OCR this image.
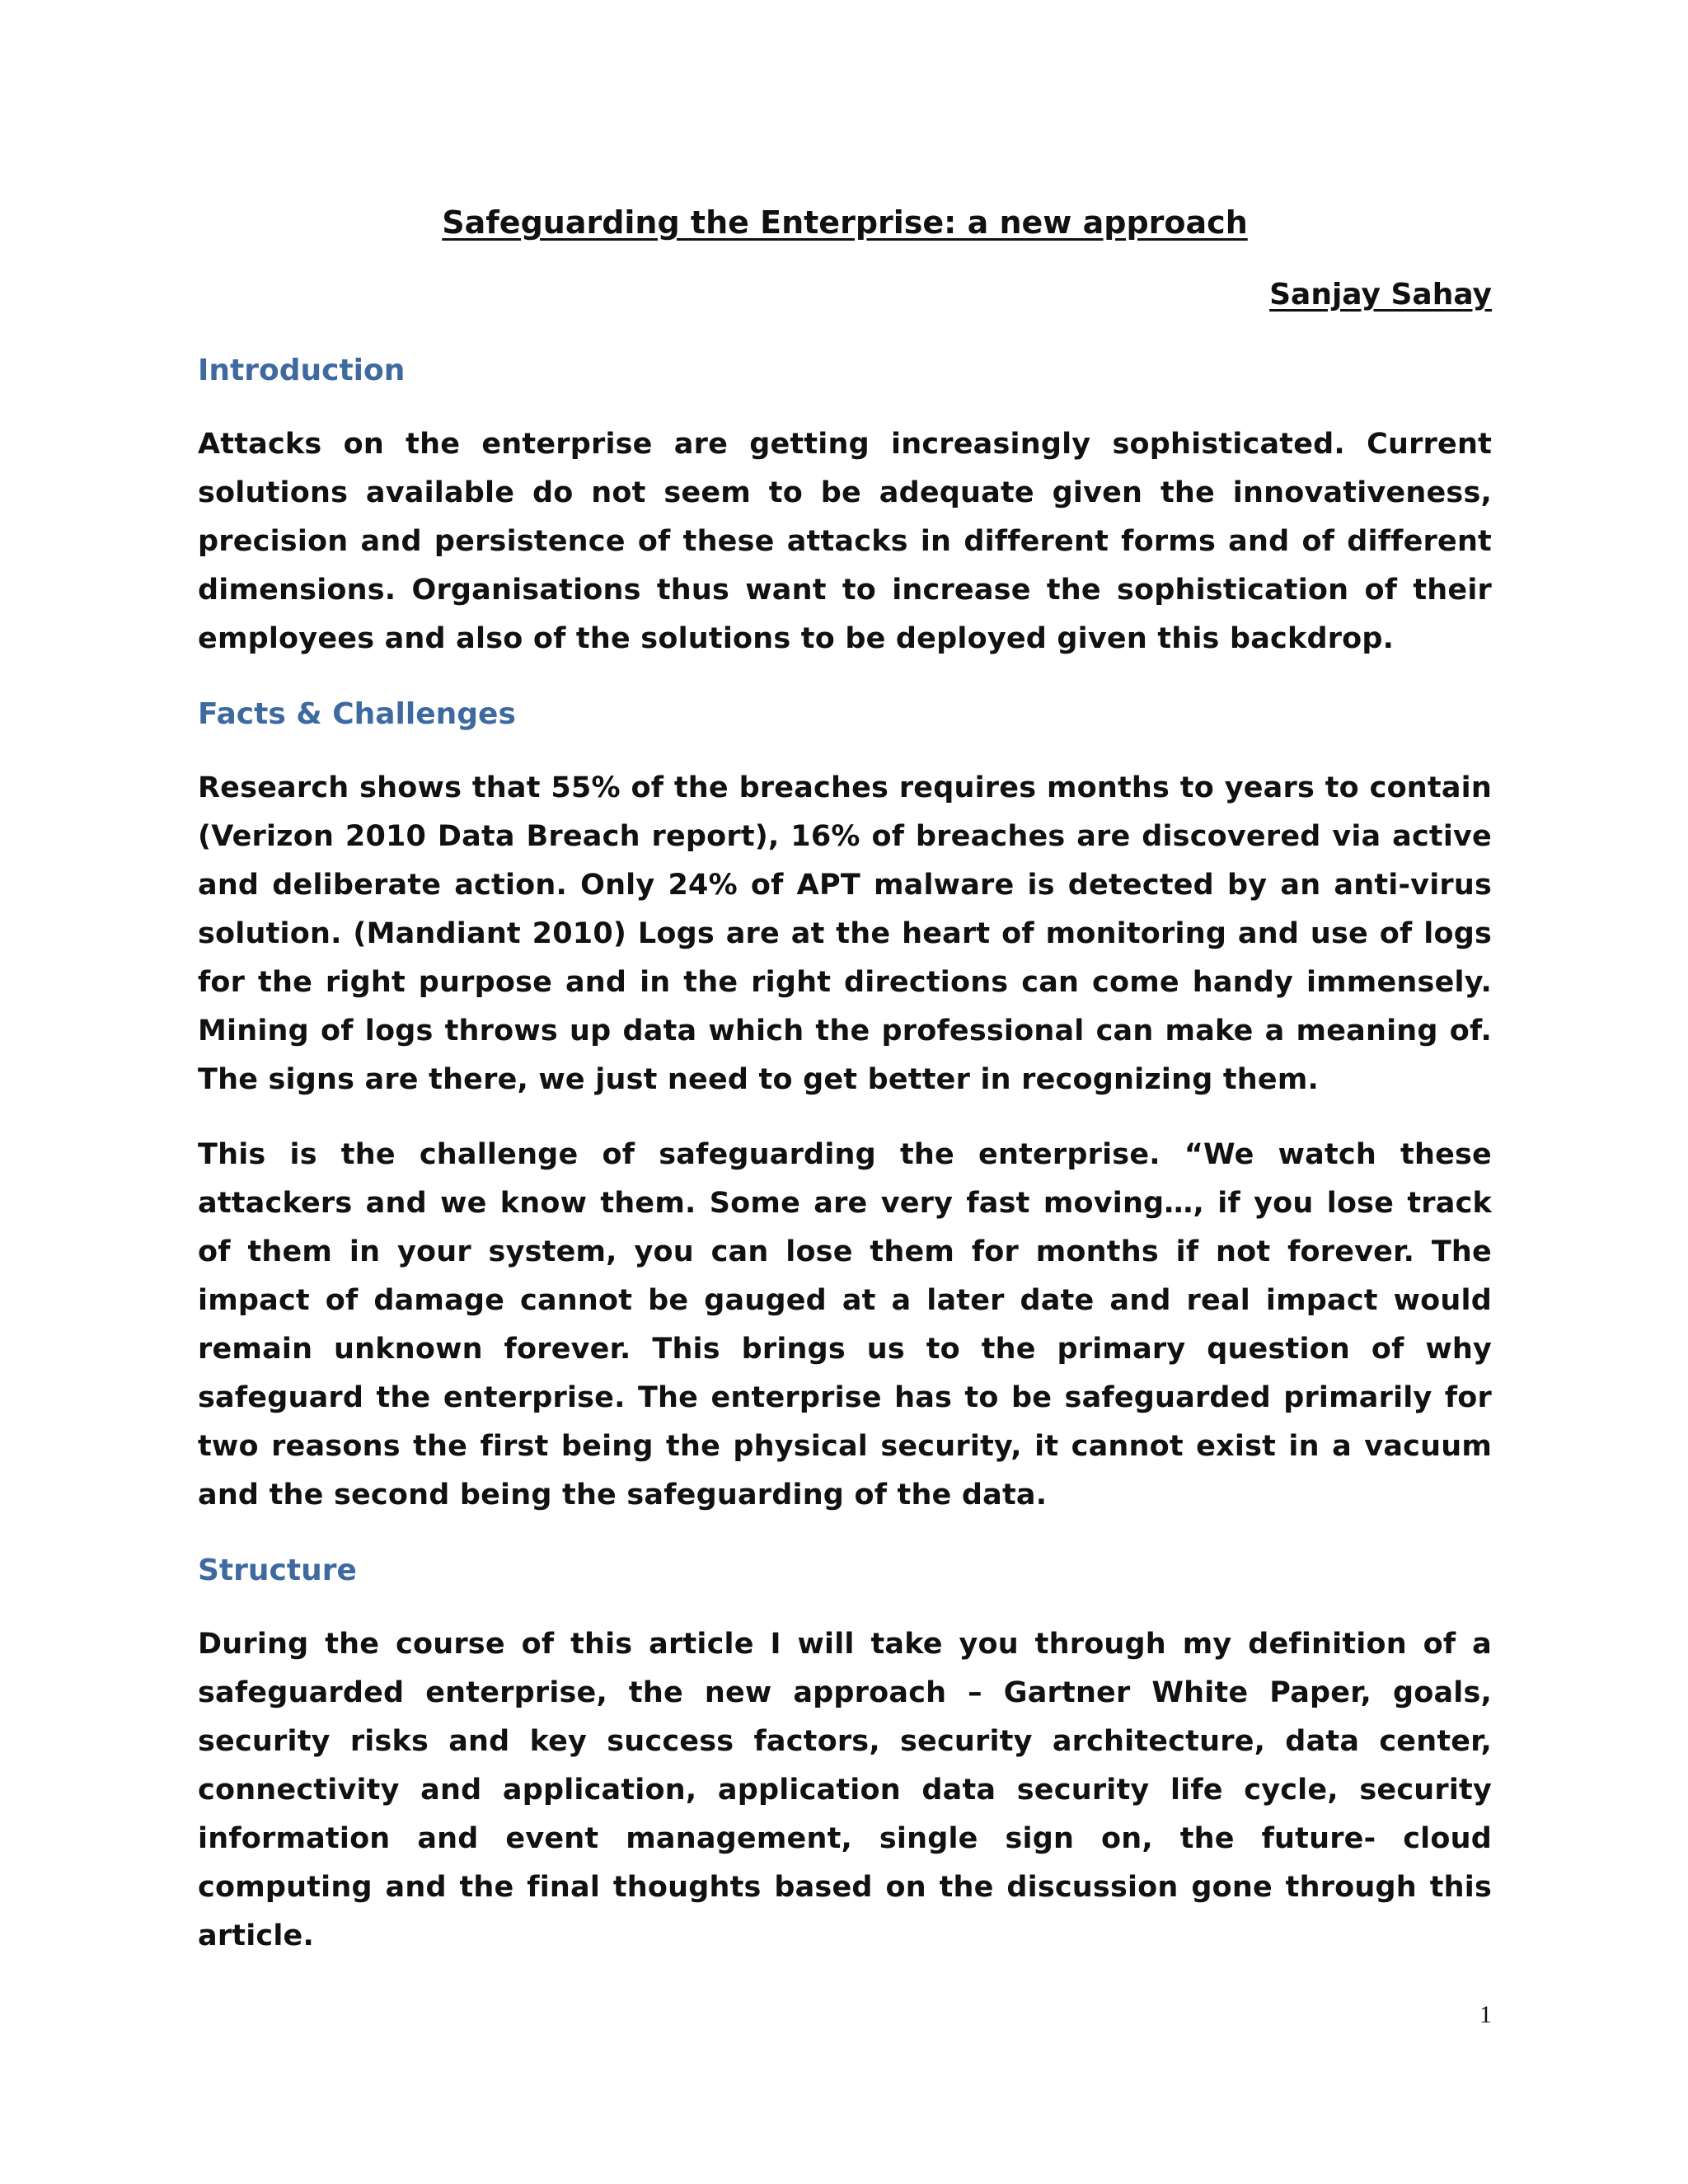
Safeguarding the Enterprise: a new approach
Sanjay Sahay
Introduction

Attacks on the enterprise are getting increasingly sophisticated. Current solutions available do not seem to be adequate given the innovativeness, precision and persistence of these attacks in different forms and of different dimensions. Organisations thus want to increase the sophistication of their employees and also of the solutions to be deployed given this backdrop.

Facts & Challenges

Research shows that 55% of the breaches requires months to years to contain (Verizon 2010 Data Breach report), 16% of breaches are discovered via active and deliberate action. Only 24% of APT malware is detected by an anti-virus solution. (Mandiant 2010) Logs are at the heart of monitoring and use of logs for the right purpose and in the right directions can come handy immensely. Mining of logs throws up data which the professional can make a meaning of. The signs are there, we just need to get better in recognizing them.

This is the challenge of safeguarding the enterprise. “We watch these attackers and we know them. Some are very fast moving…, if you lose track of them in your system, you can lose them for months if not forever. The impact of damage cannot be gauged at a later date and real impact would remain unknown forever. This brings us to the primary question of why safeguard the enterprise. The enterprise has to be safeguarded primarily for two reasons the first being the physical security, it cannot exist in a vacuum and the second being the safeguarding of the data.

Structure

During the course of this article I will take you through my definition of a safeguarded enterprise, the new approach – Gartner White Paper, goals, security risks and key success factors, security architecture, data center, connectivity and application, application data security life cycle, security information and event management, single sign on, the future- cloud computing and the final thoughts based on the discussion gone through this article.

1
